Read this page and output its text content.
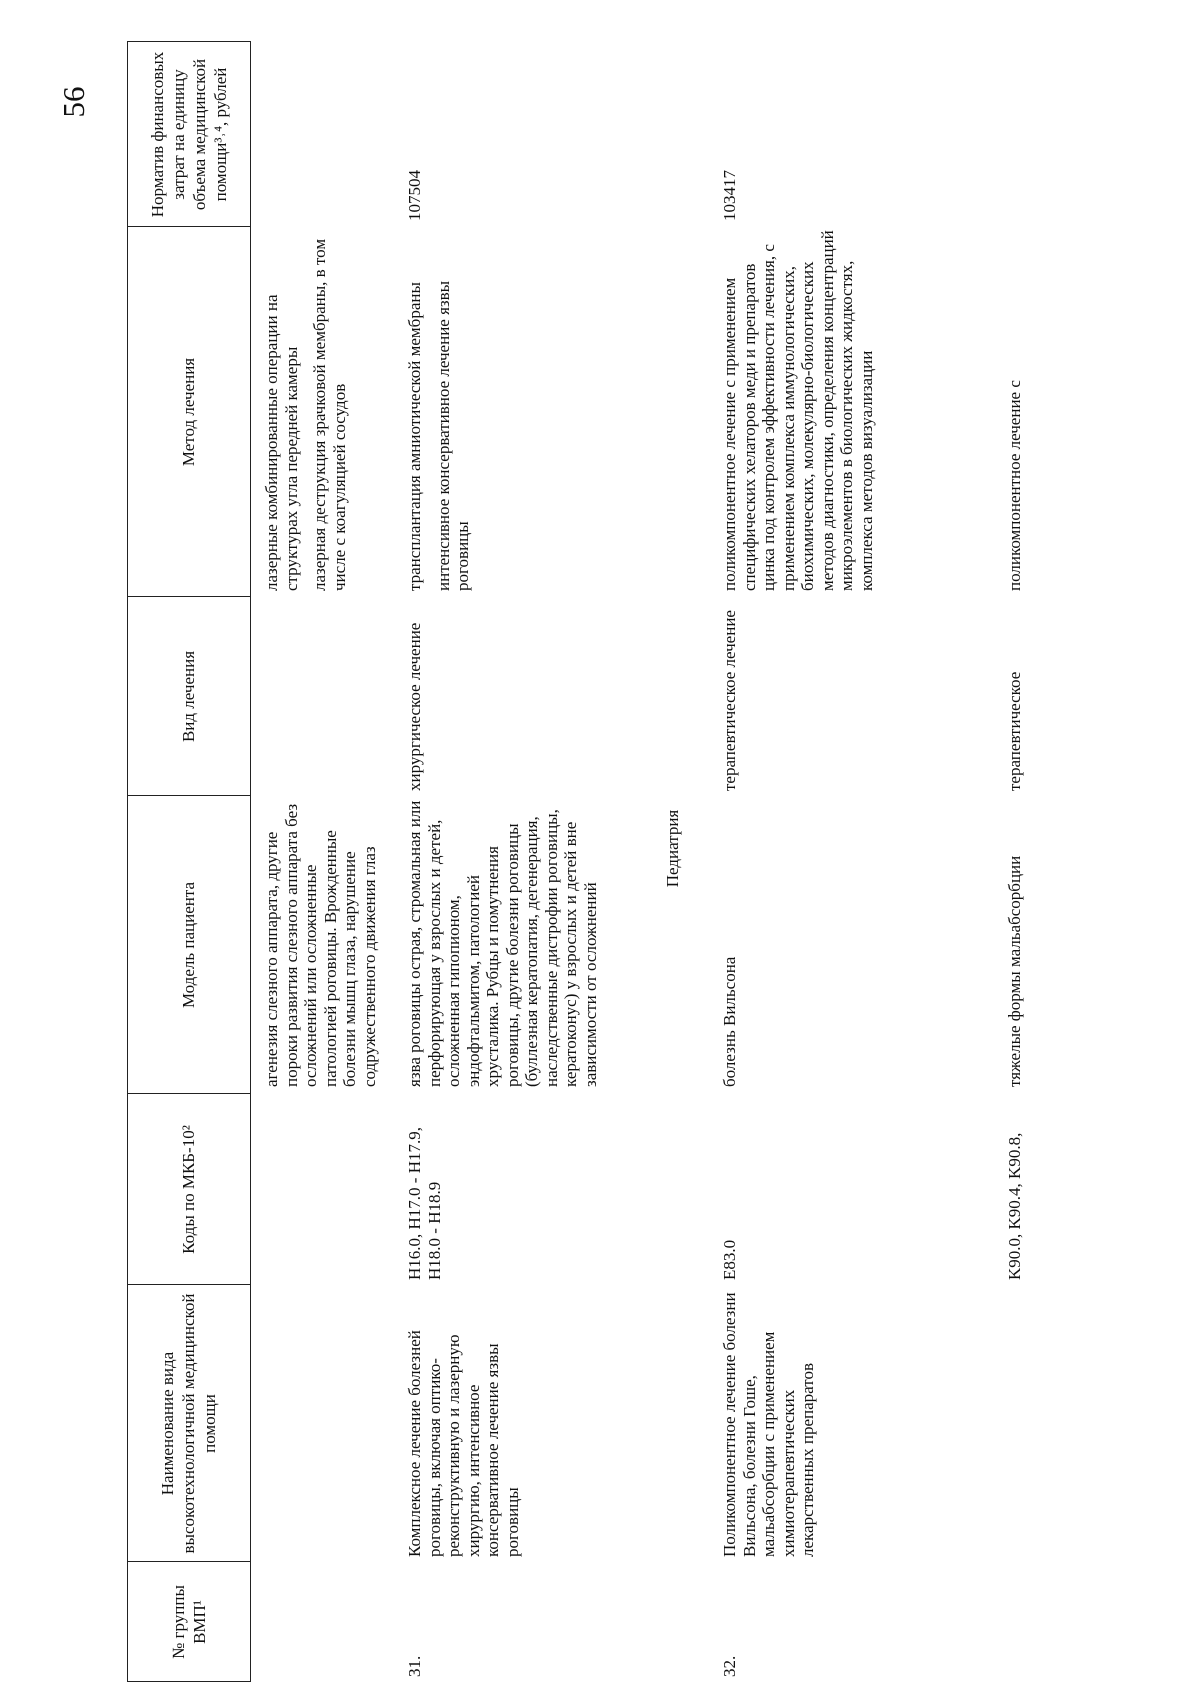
56
№ группы ВМП¹
Наименование вида высокотехнологичной медицинской помощи
Коды по МКБ-10²
Модель пациента
Вид лечения
Метод лечения
Норматив финансовых затрат на единицу объема медицинской помощи³˒⁴, рублей
агенезия слезного аппарата, другие пороки развития слезного аппарата без осложнений или осложненные патологией роговицы. Врожденные болезни мышц глаза, нарушение содружественного движения глаз

лазерные комбинированные операции на структурах угла передней камеры лазерная деструкция зрачковой мембраны, в том числе с коагуляцией сосудов

31.
Комплексное лечение болезней роговицы, включая оптико-реконструктивную и лазерную хирургию, интенсивное консервативное лечение язвы роговицы
H16.0, H17.0 - H17.9, H18.0 - H18.9
язва роговицы острая, стромальная или перфорирующая у взрослых и детей, осложненная гипопионом, эндофтальмитом, патологией хрусталика. Рубцы и помутнения роговицы, другие болезни роговицы (буллезная кератопатия, дегенерация, наследственные дистрофии роговицы, кератоконус) у взрослых и детей вне зависимости от осложнений
хирургическое лечение

трансплантация амниотической мембраны интенсивное консервативное лечение язвы роговицы

107504
Педиатрия
32.
Поликомпонентное лечение болезни Вильсона, болезни Гоше, мальабсорбции с применением химиотерапевтических лекарственных препаратов
E83.0
болезнь Вильсона
терапевтическое лечение
поликомпонентное лечение с применением специфических хелаторов меди и препаратов цинка под контролем эффективности лечения, с применением комплекса иммунологических, биохимических, молекулярно-биологических методов диагностики, определения концентраций микроэлементов в биологических жидкостях, комплекса методов визуализации
103417
K90.0, K90.4, K90.8,
тяжелые формы мальабсорбции
терапевтическое
поликомпонентное лечение с
